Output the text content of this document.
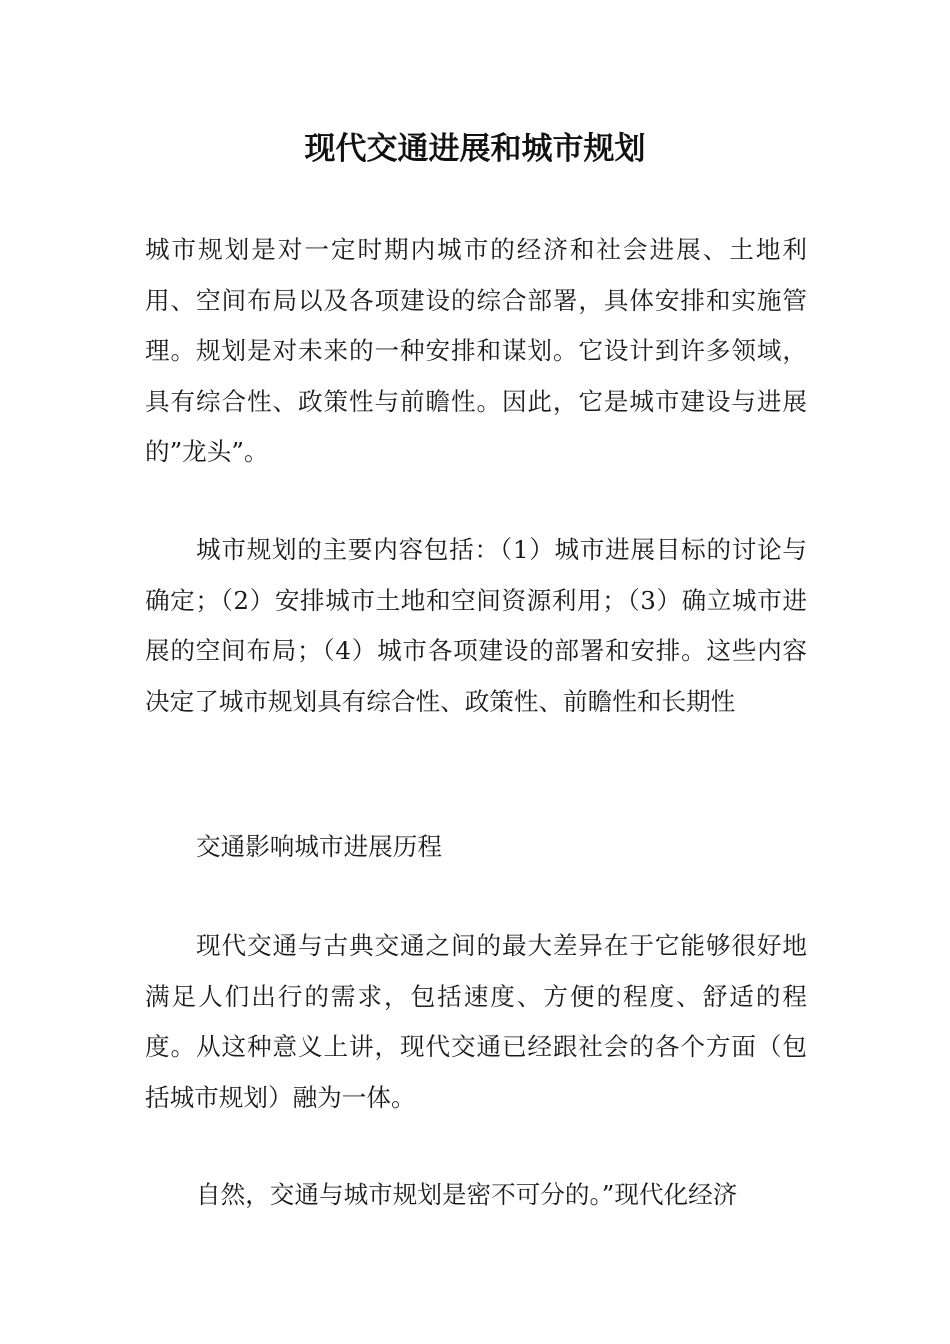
现代交通进展和城市规划

城市规划是对一定时期内城市的经济和社会进展、土地利用、空间布局以及各项建设的综合部署，具体安排和实施管理。规划是对未来的一种安排和谋划。它设计到许多领域，具有综合性、政策性与前瞻性。因此，它是城市建设与进展的”龙头”。

城市规划的主要内容包括：（1）城市进展目标的讨论与确定；（2）安排城市土地和空间资源利用；（3）确立城市进展的空间布局；（4）城市各项建设的部署和安排。这些内容决定了城市规划具有综合性、政策性、前瞻性和长期性

交通影响城市进展历程

现代交通与古典交通之间的最大差异在于它能够很好地满足人们出行的需求，包括速度、方便的程度、舒适的程度。从这种意义上讲，现代交通已经跟社会的各个方面（包括城市规划）融为一体。

自然，交通与城市规划是密不可分的。”现代化经济
